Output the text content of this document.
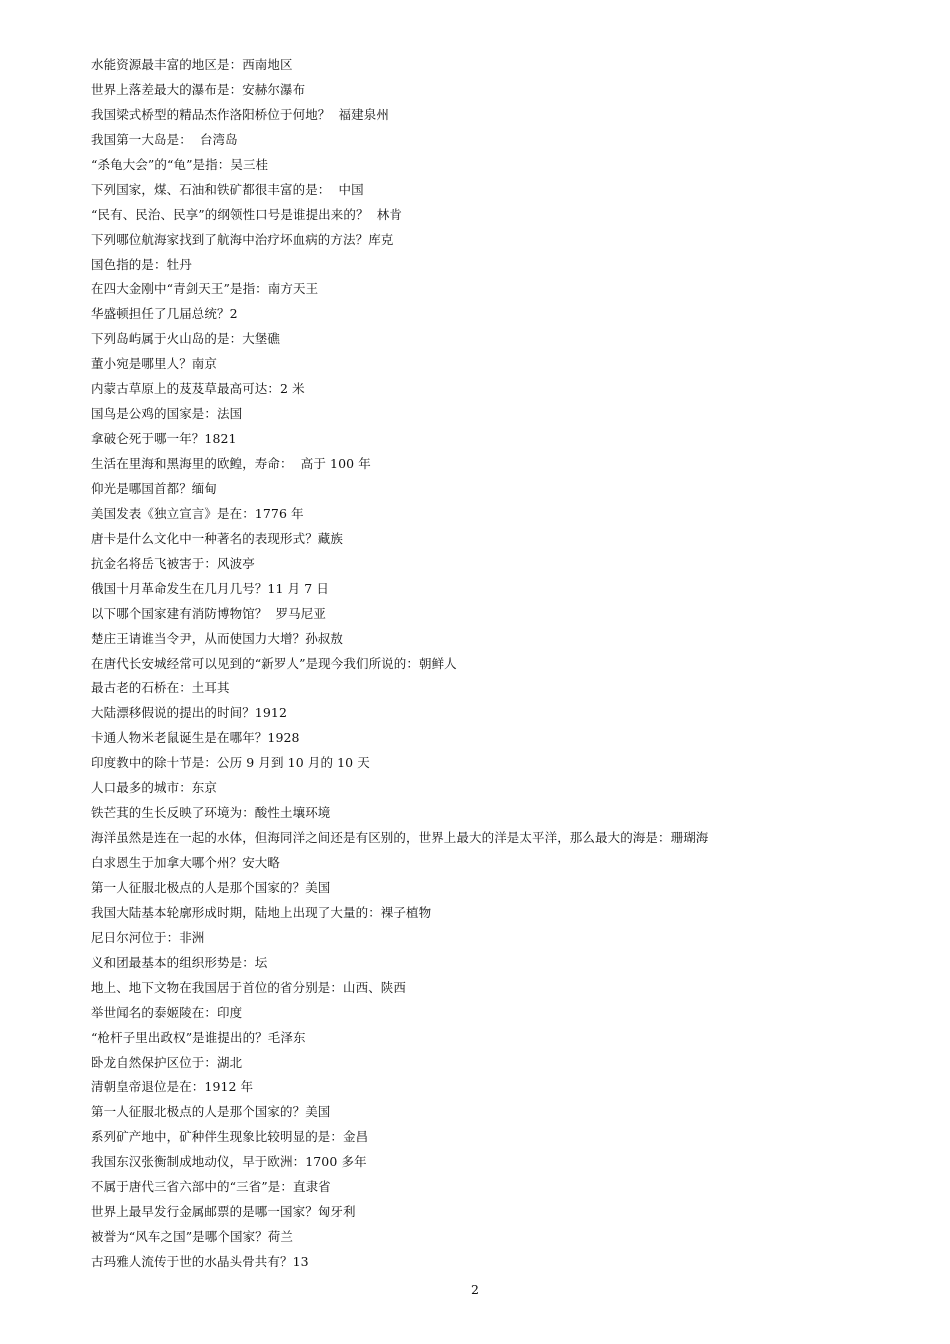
水能资源最丰富的地区是：西南地区
世界上落差最大的瀑布是：安赫尔瀑布
我国梁式桥型的精品杰作洛阳桥位于何地？  福建泉州
我国第一大岛是：  台湾岛
“杀龟大会”的“龟”是指：吴三桂
下列国家，煤、石油和铁矿都很丰富的是：  中国
“民有、民治、民享”的纲领性口号是谁提出来的？  林肯
下列哪位航海家找到了航海中治疗坏血病的方法？库克
国色指的是：牡丹
在四大金刚中“青剑天王”是指：南方天王
华盛顿担任了几届总统？2
下列岛屿属于火山岛的是：大堡礁
董小宛是哪里人？南京
内蒙古草原上的芨芨草最高可达：2 米
国鸟是公鸡的国家是：法国
拿破仑死于哪一年？1821
生活在里海和黑海里的欧鳇，寿命：  高于 100 年
仰光是哪国首都？缅甸
美国发表《独立宣言》是在：1776 年
唐卡是什么文化中一种著名的表现形式？藏族
抗金名将岳飞被害于：风波亭
俄国十月革命发生在几月几号？11 月 7 日
以下哪个国家建有消防博物馆？  罗马尼亚
楚庄王请谁当令尹，从而使国力大增？孙叔敖
在唐代长安城经常可以见到的“新罗人”是现今我们所说的：朝鲜人
最古老的石桥在：土耳其
大陆漂移假说的提出的时间？1912
卡通人物米老鼠诞生是在哪年？1928
印度教中的除十节是：公历 9 月到 10 月的 10 天
人口最多的城市：东京
铁芒萁的生长反映了环境为：酸性土壤环境
海洋虽然是连在一起的水体，但海同洋之间还是有区别的，世界上最大的洋是太平洋，那么最大的海是：珊瑚海
白求恩生于加拿大哪个州？安大略
第一人征服北极点的人是那个国家的？美国
我国大陆基本轮廓形成时期，陆地上出现了大量的：裸子植物
尼日尔河位于：非洲
义和团最基本的组织形势是：坛
地上、地下文物在我国居于首位的省分别是：山西、陕西
举世闻名的泰姬陵在：印度
“枪杆子里出政权”是谁提出的？毛泽东
卧龙自然保护区位于：湖北
清朝皇帝退位是在：1912 年
第一人征服北极点的人是那个国家的？美国
系列矿产地中，矿种伴生现象比较明显的是：金昌
我国东汉张衡制成地动仪，早于欧洲：1700 多年
不属于唐代三省六部中的“三省”是：直隶省
世界上最早发行金属邮票的是哪一国家？匈牙利
被誉为“风车之国”是哪个国家？荷兰
古玛雅人流传于世的水晶头骨共有？13
2
